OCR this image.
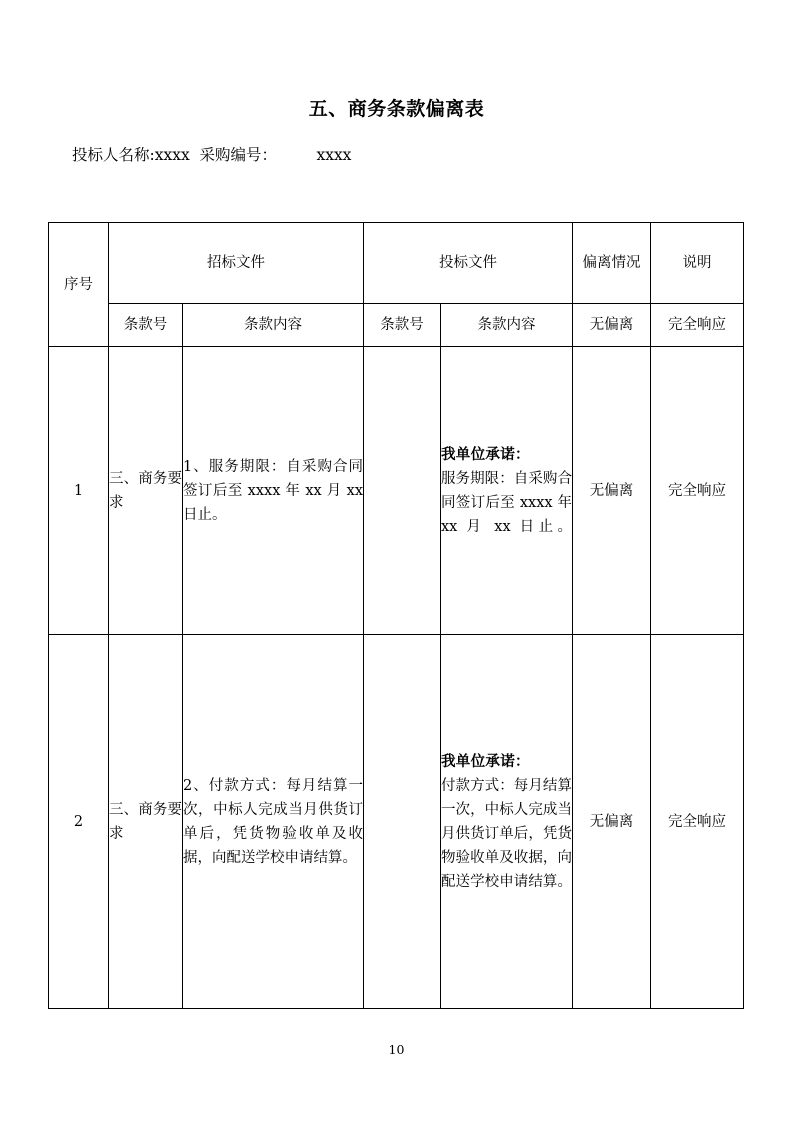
五、商务条款偏离表
投标人名称:xxxx  采购编号：        xxxx
序号	招标文件		投标文件		偏离情况	说明
	条款号	条款内容	条款号	条款内容	无偏离	完全响应
1	三、商务要求	1、服务期限：自采购合同签订后至 xxxx 年 xx 月 xx 日止。		我单位承诺：
服务期限：自采购合同签订后至 xxxx 年 xx 月 xx 日止。	无偏离	完全响应
2	三、商务要求	2、付款方式：每月结算一次，中标人完成当月供货订单后，凭货物验收单及收据，向配送学校申请结算。		我单位承诺：
付款方式：每月结算一次，中标人完成当月供货订单后，凭货物验收单及收据，向配送学校申请结算。	无偏离	完全响应
10
